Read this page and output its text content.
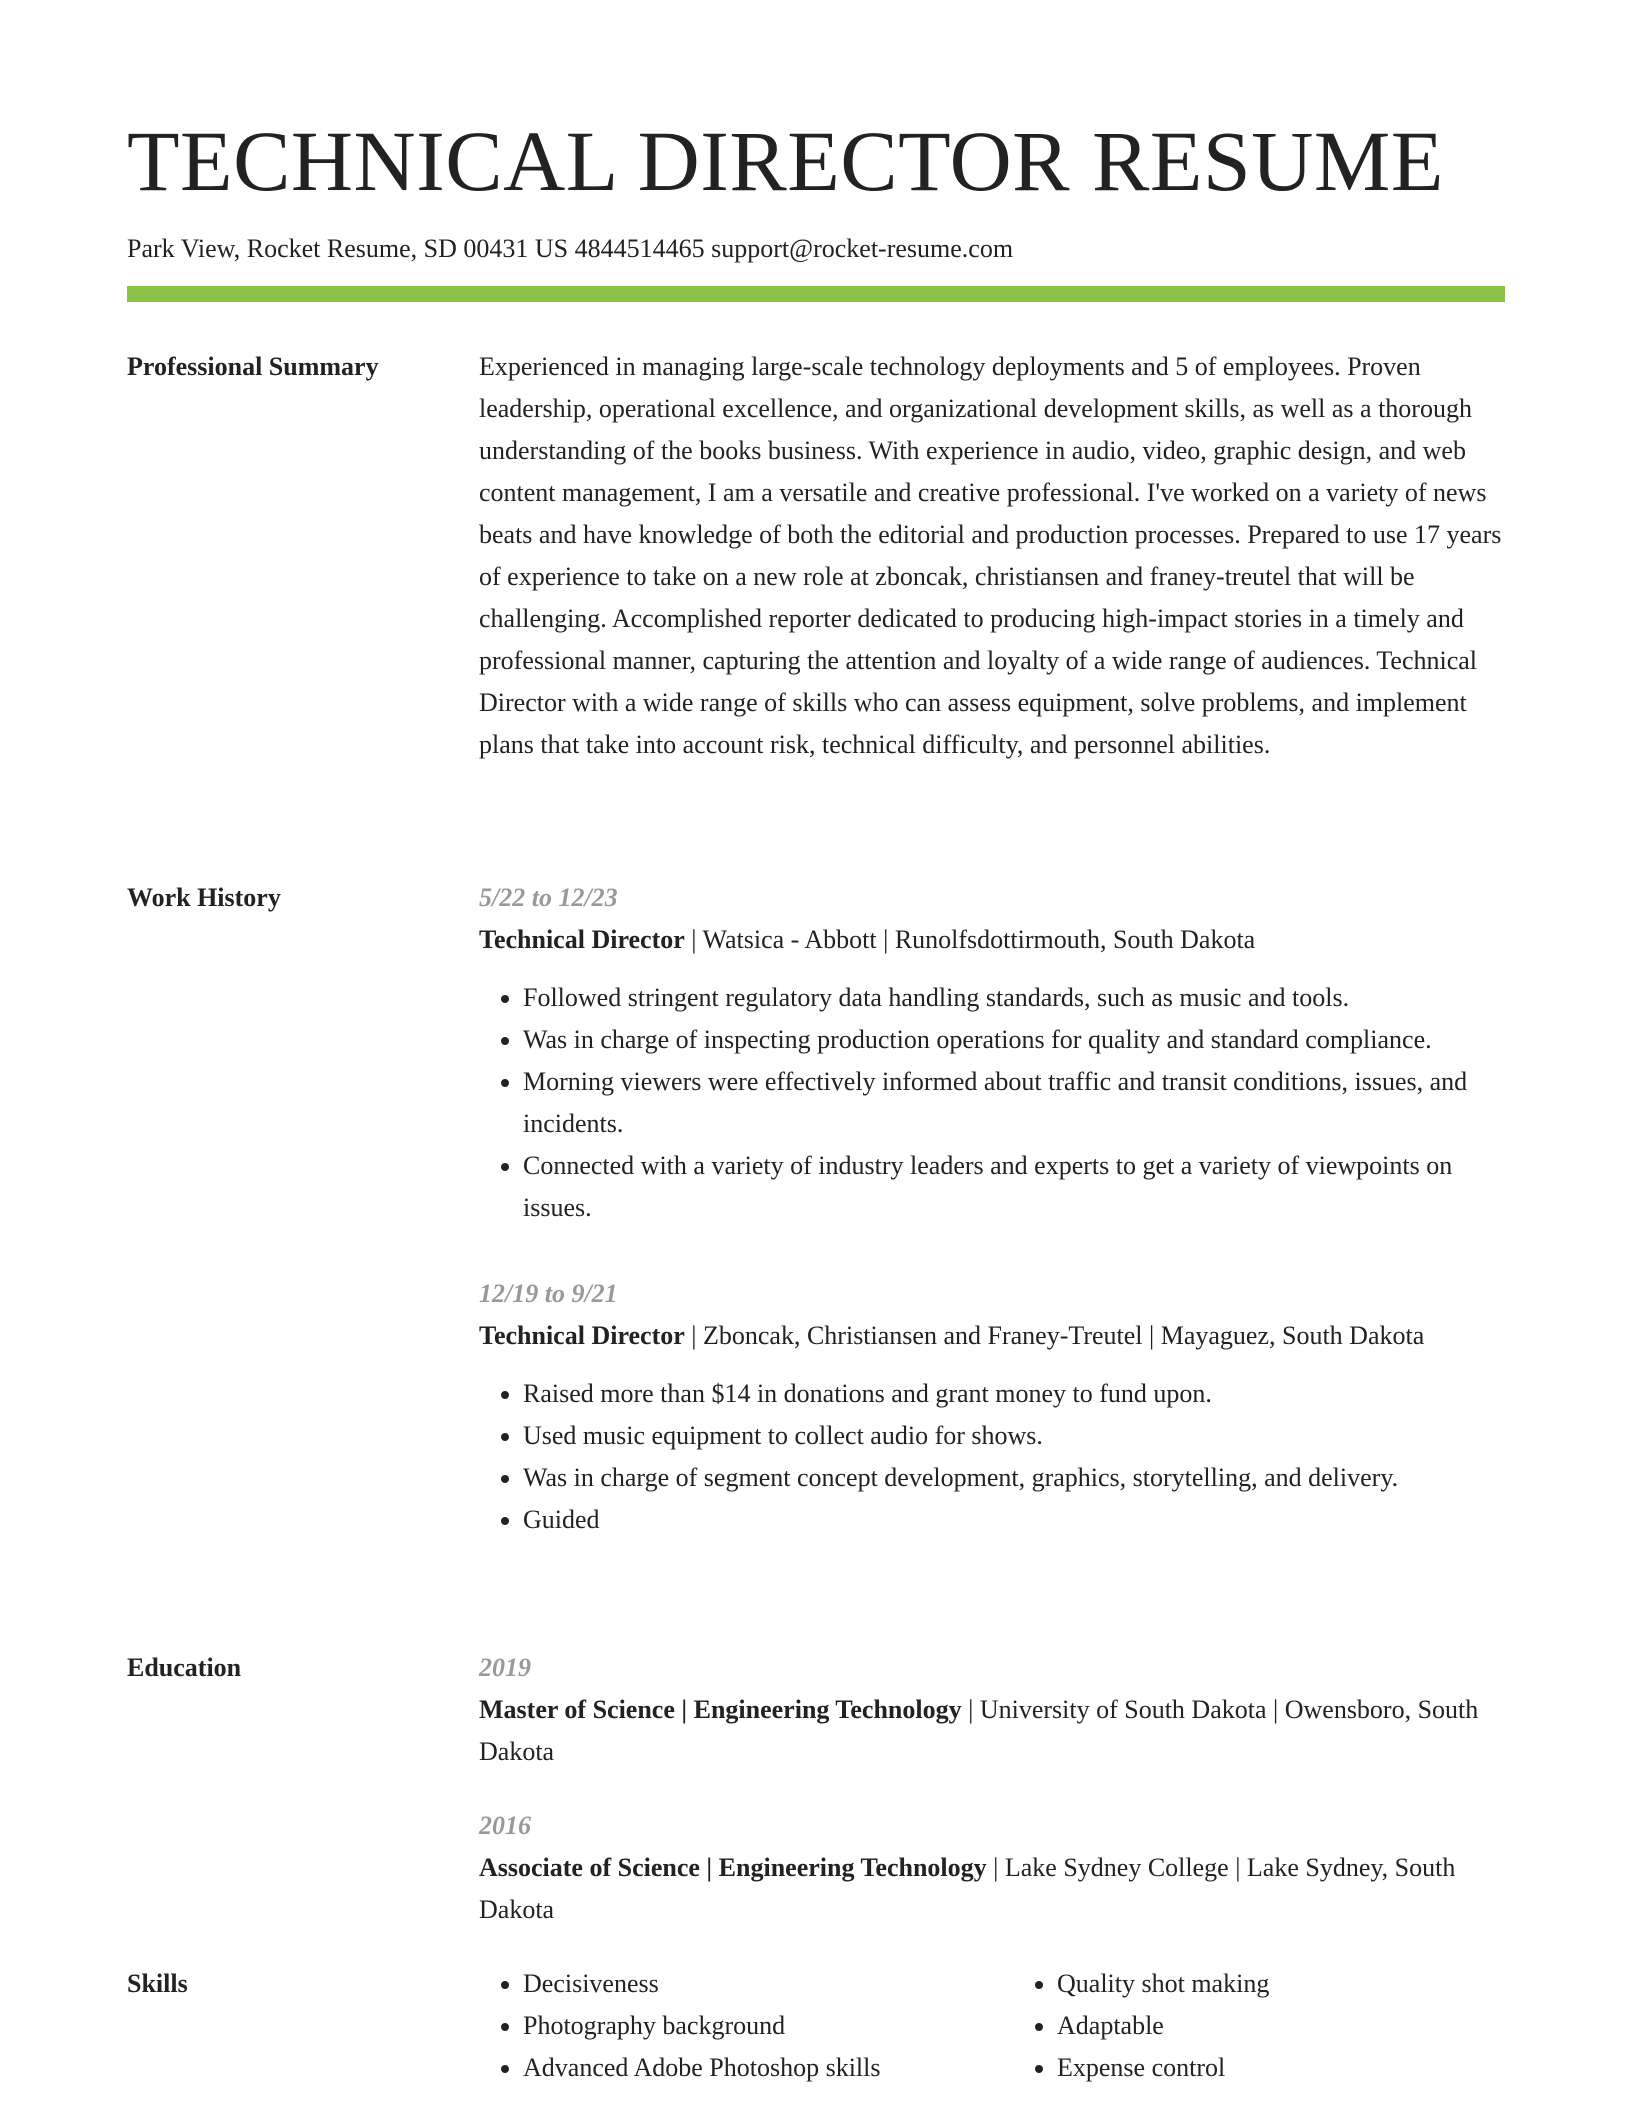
TECHNICAL DIRECTOR RESUME
Park View, Rocket Resume, SD 00431 US 4844514465 support@rocket-resume.com
Professional Summary	Experienced in managing large-scale technology deployments and 5 of employees. Proven leadership, operational excellence, and organizational development skills, as well as a thorough understanding of the books business. With experience in audio, video, graphic design, and web content management, I am a versatile and creative professional. I've worked on a variety of news beats and have knowledge of both the editorial and production processes. Prepared to use 17 years of experience to take on a new role at zboncak, christiansen and franey-treutel that will be challenging. Accomplished reporter dedicated to producing high-impact stories in a timely and professional manner, capturing the attention and loyalty of a wide range of audiences. Technical Director with a wide range of skills who can assess equipment, solve problems, and implement plans that take into account risk, technical difficulty, and personnel abilities.

Work History	5/22 to 12/23
Technical Director | Watsica - Abbott | Runolfsdottirmouth, South Dakota
• Followed stringent regulatory data handling standards, such as music and tools.
• Was in charge of inspecting production operations for quality and standard compliance.
• Morning viewers were effectively informed about traffic and transit conditions, issues, and incidents.
• Connected with a variety of industry leaders and experts to get a variety of viewpoints on issues.
12/19 to 9/21
Technical Director | Zboncak, Christiansen and Franey-Treutel | Mayaguez, South Dakota
• Raised more than $14 in donations and grant money to fund upon.
• Used music equipment to collect audio for shows.
• Was in charge of segment concept development, graphics, storytelling, and delivery.
• Guided
Education	2019
Master of Science | Engineering Technology | University of South Dakota | Owensboro, South Dakota
2016
Associate of Science | Engineering Technology | Lake Sydney College | Lake Sydney, South Dakota
Skills
•	Decisiveness
• Photography background
• Advanced Adobe Photoshop skills
• Quality shot making
• Adaptable
• Expense control
